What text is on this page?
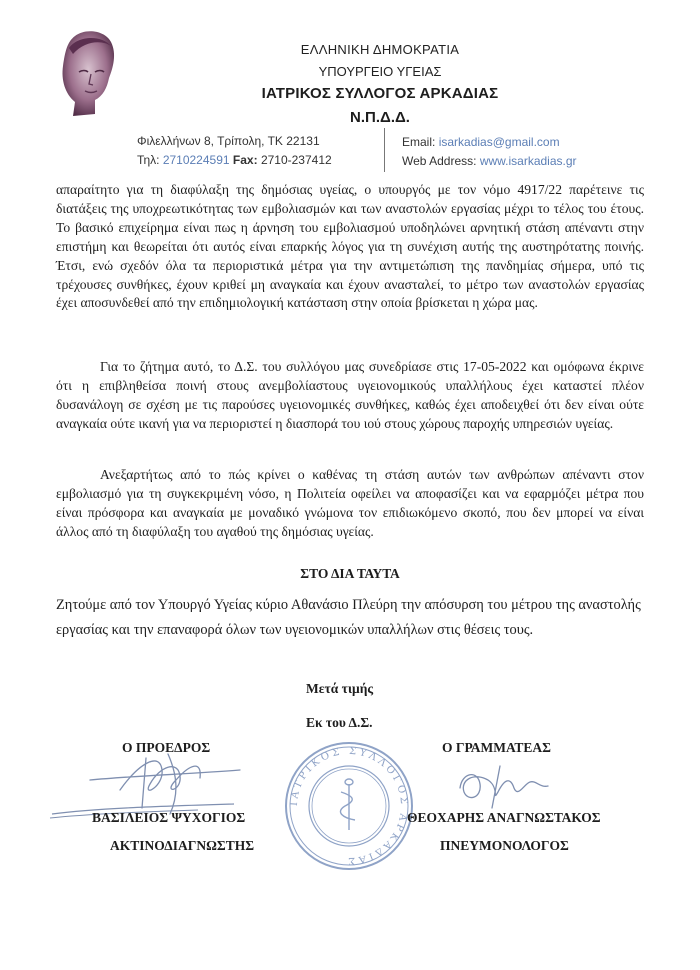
ΕΛΛΗΝΙΚΗ ΔΗΜΟΚΡΑΤΙΑ
ΥΠΟΥΡΓΕΙΟ ΥΓΕΙΑΣ
ΙΑΤΡΙΚΟΣ ΣΥΛΛΟΓΟΣ ΑΡΚΑΔΙΑΣ
Ν.Π.Δ.Δ.
Φιλελλήνων 8, Τρίπολη, ΤΚ 22131
Τηλ: 2710224591 Fax: 2710-237412
Email: isarkadias@gmail.com
Web Address: www.isarkadias.gr
απαραίτητο για τη διαφύλαξη της δημόσιας υγείας, ο υπουργός με τον νόμο 4917/22 παρέτεινε τις διατάξεις της υποχρεωτικότητας των εμβολιασμών και των αναστολών εργασίας μέχρι το τέλος του έτους. Το βασικό επιχείρημα είναι πως η άρνηση του εμβολιασμού υποδηλώνει αρνητική στάση απέναντι στην επιστήμη και θεωρείται ότι αυτός είναι επαρκής λόγος για τη συνέχιση αυτής της αυστηρότατης ποινής. Έτσι, ενώ σχεδόν όλα τα περιοριστικά μέτρα για την αντιμετώπιση της πανδημίας σήμερα, υπό τις τρέχουσες συνθήκες, έχουν κριθεί μη αναγκαία και έχουν ανασταλεί, το μέτρο των αναστολών εργασίας έχει αποσυνδεθεί από την επιδημιολογική κατάσταση στην οποία βρίσκεται η χώρα μας.
Για το ζήτημα αυτό, το Δ.Σ. του συλλόγου μας συνεδρίασε στις 17-05-2022 και ομόφωνα έκρινε ότι η επιβληθείσα ποινή στους ανεμβολίαστους υγειονομικούς υπαλλήλους έχει καταστεί πλέον δυσανάλογη σε σχέση με τις παρούσες υγειονομικές συνθήκες, καθώς έχει αποδειχθεί ότι δεν είναι ούτε αναγκαία ούτε ικανή για να περιοριστεί η διασπορά του ιού στους χώρους παροχής υπηρεσιών υγείας.
Ανεξαρτήτως από το πώς κρίνει ο καθένας τη στάση αυτών των ανθρώπων απέναντι στον εμβολιασμό για τη συγκεκριμένη νόσο, η Πολιτεία οφείλει να αποφασίζει και να εφαρμόζει μέτρα που είναι πρόσφορα και αναγκαία με μοναδικό γνώμονα τον επιδιωκόμενο σκοπό, που δεν μπορεί να είναι άλλος από τη διαφύλαξη του αγαθού της δημόσιας υγείας.
ΣΤΟ ΔΙΑ ΤΑΥΤΑ
Ζητούμε από τον Υπουργό Υγείας κύριο Αθανάσιο Πλεύρη την απόσυρση του μέτρου της αναστολής εργασίας και την επαναφορά όλων των υγειονομικών υπαλλήλων στις θέσεις τους.
Μετά τιμής
Εκ του Δ.Σ.
ΙΑΤΡΙΚΟΣ ΣΥΛΛΟΓΟΣ ΑΡΚΑΔΙΑΣ
Ο ΠΡΟΕΔΡΟΣ	Ο ΓΡΑΜΜΑΤΕΑΣ
ΒΑΣΙΛΕΙΟΣ ΨΥΧΟΓΙΟΣ	ΘΕΟΧΑΡΗΣ ΑΝΑΓΝΩΣΤΑΚΟΣ
ΑΚΤΙΝΟΔΙΑΓΝΩΣΤΗΣ	ΠΝΕΥΜΟΝΟΛΟΓΟΣ
